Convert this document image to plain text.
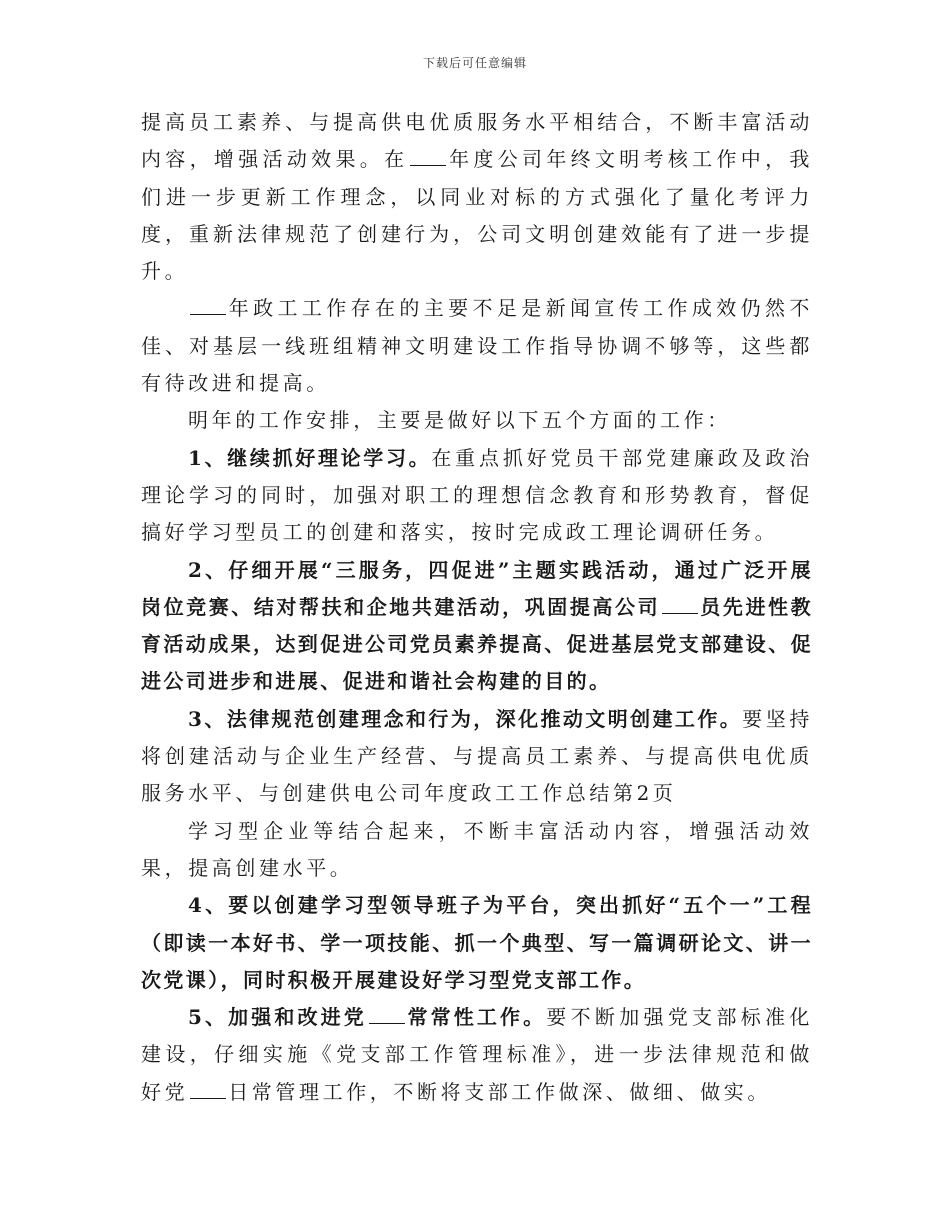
下载后可任意编辑

提高员工素养、与提高供电优质服务水平相结合，不断丰富活动内容，增强活动效果。在 年度公司年终文明考核工作中，我们进一步更新工作理念，以同业对标的方式强化了量化考评力度，重新法律规范了创建行为，公司文明创建效能有了进一步提升。

年政工工作存在的主要不足是新闻宣传工作成效仍然不佳、对基层一线班组精神文明建设工作指导协调不够等，这些都有待改进和提高。

明年的工作安排，主要是做好以下五个方面的工作：

1、继续抓好理论学习。在重点抓好党员干部党建廉政及政治理论学习的同时，加强对职工的理想信念教育和形势教育，督促搞好学习型员工的创建和落实，按时完成政工理论调研任务。

2、仔细开展“三服务，四促进”主题实践活动，通过广泛开展岗位竞赛、结对帮扶和企地共建活动，巩固提高公司 员先进性教育活动成果，达到促进公司党员素养提高、促进基层党支部建设、促进公司进步和进展、促进和谐社会构建的目的。

3、法律规范创建理念和行为，深化推动文明创建工作。要坚持将创建活动与企业生产经营、与提高员工素养、与提高供电优质服务水平、与创建供电公司年度政工工作总结第2页

学习型企业等结合起来，不断丰富活动内容，增强活动效果，提高创建水平。

4、要以创建学习型领导班子为平台，突出抓好“五个一”工程（即读一本好书、学一项技能、抓一个典型、写一篇调研论文、讲一次党课），同时积极开展建设好学习型党支部工作。

5、加强和改进党 常常性工作。要不断加强党支部标准化建设，仔细实施《党支部工作管理标准》，进一步法律规范和做好党 日常管理工作，不断将支部工作做深、做细、做实。
